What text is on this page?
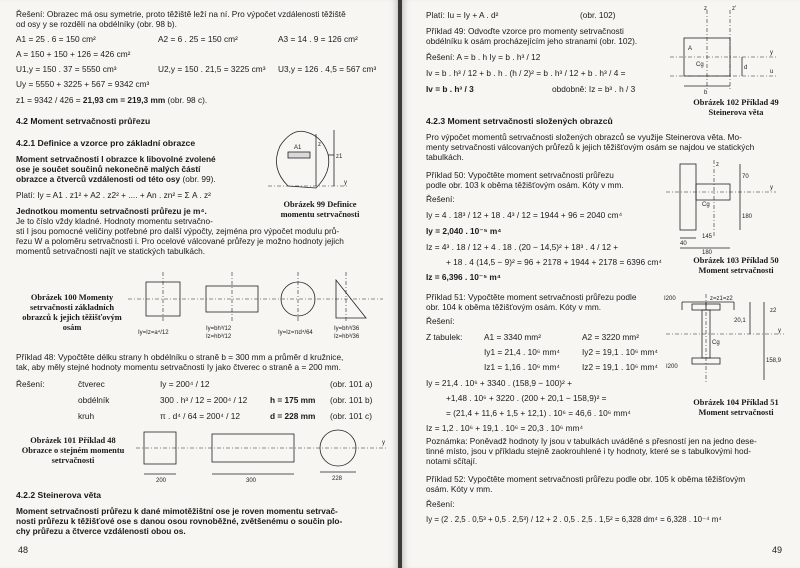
Řešení: Obrazec má osu symetrie, proto těžiště leží na ní. Pro výpočet vzdálenosti těžiště
od osy y se rozdělí na obdélníky (obr. 98 b).
A1 = 25 . 6 = 150 cm²	A2 = 6 . 25 = 150 cm²	A3 = 14 . 9 = 126 cm²
A = 150 + 150 + 126 = 426 cm²
U1,y = 150 . 37 = 5550 cm³	U2,y = 150 . 21,5 = 3225 cm³ U3,y = 126 . 4,5 = 567 cm³
Uy = 5550 + 3225 + 567 = 9342 cm³
z1 = 9342 / 426 = 21,93 cm = 219,3 mm (obr. 98 c).
4.2 Moment setrvačnosti průřezu
4.2.1 Definice a vzorce pro základní obrazce
Moment setrvačnosti I obrazce k libovolné zvolené
ose je součet součinů nekonečně malých částí
obrazce a čtverců vzdálenosti od této osy (obr. 99).
Platí: Iy = A1 . z1² + A2 . z2² + .... + An . zn² = Σ A . z²
Jednotkou momentu setrvačnosti průřezu je m⁴.
Je to číslo vždy kladné. Hodnoty momentu setrvačno-
sti I jsou pomocné veličiny potřebné pro další výpočty, zejména pro výpočet modulu prů-
řezu W a poloměru setrvačnosti i. Pro ocelové válcované průřezy je možno hodnoty jejich
momentů setrvačnosti najít ve statických tabulkách.
z
A1
z1
y
Obrázek 99 Definice momentu setrvačnosti
Obrázek 100 Momenty setrvačnosti základních obrazců k jejich těžišťovým osám
Iy=Iz=a⁴/12
Iy=bh³/12
Iz=hb³/12
Iy=Iz=πd⁴/64
Iy=bh³/36
Iz=hb³/36
Příklad 48: Vypočtěte délku strany h obdélníku o straně b = 300 mm a průměr d kružnice,
tak, aby měly stejné hodnoty momentu setrvačnosti Iy jako čtverec o straně a = 200 mm.
Řešení:	čtverec	Iy = 200⁴ / 12	(obr. 101 a)
obdélník	300 . h³ / 12 = 200⁴ / 12	h = 175 mm (obr. 101 b)
kruh	π . d⁴ / 64 = 200⁴ / 12	d = 228 mm (obr. 101 c)
Obrázek 101 Příklad 48 Obrazce o stejném momentu setrvačnosti
200	300	228
y
4.2.2 Steinerova věta
Moment setrvačnosti průřezu k dané mimotěžištní ose je roven momentu setrvač-
nosti průřezu k těžišťové ose s danou osou rovnoběžné, zvětšenému o součin plo-
chy průřezu a čtverce vzdálenosti obou os.
48
Platí: Iu = Iy + A . d²	(obr. 102)
Příklad 49: Odvoďte vzorce pro momenty setrvačnosti
obdélníku k osám procházejícím jeho stranami (obr. 102).
Řešení: A = b . h Iy = b . h³ / 12
Iv = b . h³ / 12 + b . h . (h / 2)² = b . h³ / 12 + b . h³ / 4 =
Iv = b . h³ / 3	obdobně: Iz = b³ . h / 3
z	z'
A
Cg
y
d
u
b
Obrázek 102 Příklad 49 Steinerova věta
4.2.3 Moment setrvačnosti složených obrazců
Pro výpočet momentů setrvačnosti složených obrazců se využije Steinerova věta. Mo-
menty setrvačnosti válcovaných průřezů k jejich těžišťovým osám se najdou ve statických
tabulkách.
Příklad 50: Vypočtěte moment setrvačnosti průřezu
podle obr. 103 k oběma těžišťovým osám. Kóty v mm.
Řešení:
Iy = 4 . 18³ / 12 + 18 . 4³ / 12 = 1944 + 96 = 2040 cm⁴
Iy = 2,040 . 10⁻⁵ m⁴
Iz = 4³ . 18 / 12 + 4 . 18 . (20 − 14,5)² + 18³ . 4 / 12 +
+ 18 . 4 (14,5 − 9)² = 96 + 2178 + 1944 + 2178 = 6396 cm⁴
Iz = 6,396 . 10⁻⁵ m⁴
40
145
180
70
180
Cg
y
z
Obrázek 103 Příklad 50 Moment setrvačnosti
Příklad 51: Vypočtěte moment setrvačnosti průřezu podle
obr. 104 k oběma těžišťovým osám. Kóty v mm.
Řešení:
Z tabulek:	A1 = 3340 mm²	A2 = 3220 mm²
Iy1 = 21,4 . 10⁶ mm⁴	Iy2 = 19,1 . 10⁶ mm⁴
Iz1 = 1,16 . 10⁶ mm⁴	Iz2 = 19,1 . 10⁶ mm⁴
Iy = 21,4 . 10⁶ + 3340 . (158,9 − 100)² +
+1,48 . 10⁶ + 3220 . (200 + 20,1 − 158,9)² =
= (21,4 + 11,6 + 1,5 + 12,1) . 10⁶ = 46,6 . 10⁶ mm⁴
Iz = 1,2 . 10⁶ + 19,1 . 10⁶ = 20,3 . 10⁶ mm⁴
I200	z=z1=z2
z2
Cg
y
I200
20,1
158,9
Obrázek 104 Příklad 51 Moment setrvačnosti
Poznámka: Poněvadž hodnoty Iy jsou v tabulkách uváděné s přesností jen na jedno dese-
tinné místo, jsou v příkladu stejně zaokrouhlené i ty hodnoty, které se s tabulkovými hod-
notami sčítají.
Příklad 52: Vypočtěte moment setrvačnosti průřezu podle obr. 105 k oběma těžišťovým
osám. Kóty v mm.
Řešení:
Iy = (2 . 2,5 . 0,5³ + 0,5 . 2,5³) / 12 + 2 . 0,5 . 2,5 . 1,5² = 6,328 dm⁴ = 6,328 . 10⁻⁴ m⁴
49
